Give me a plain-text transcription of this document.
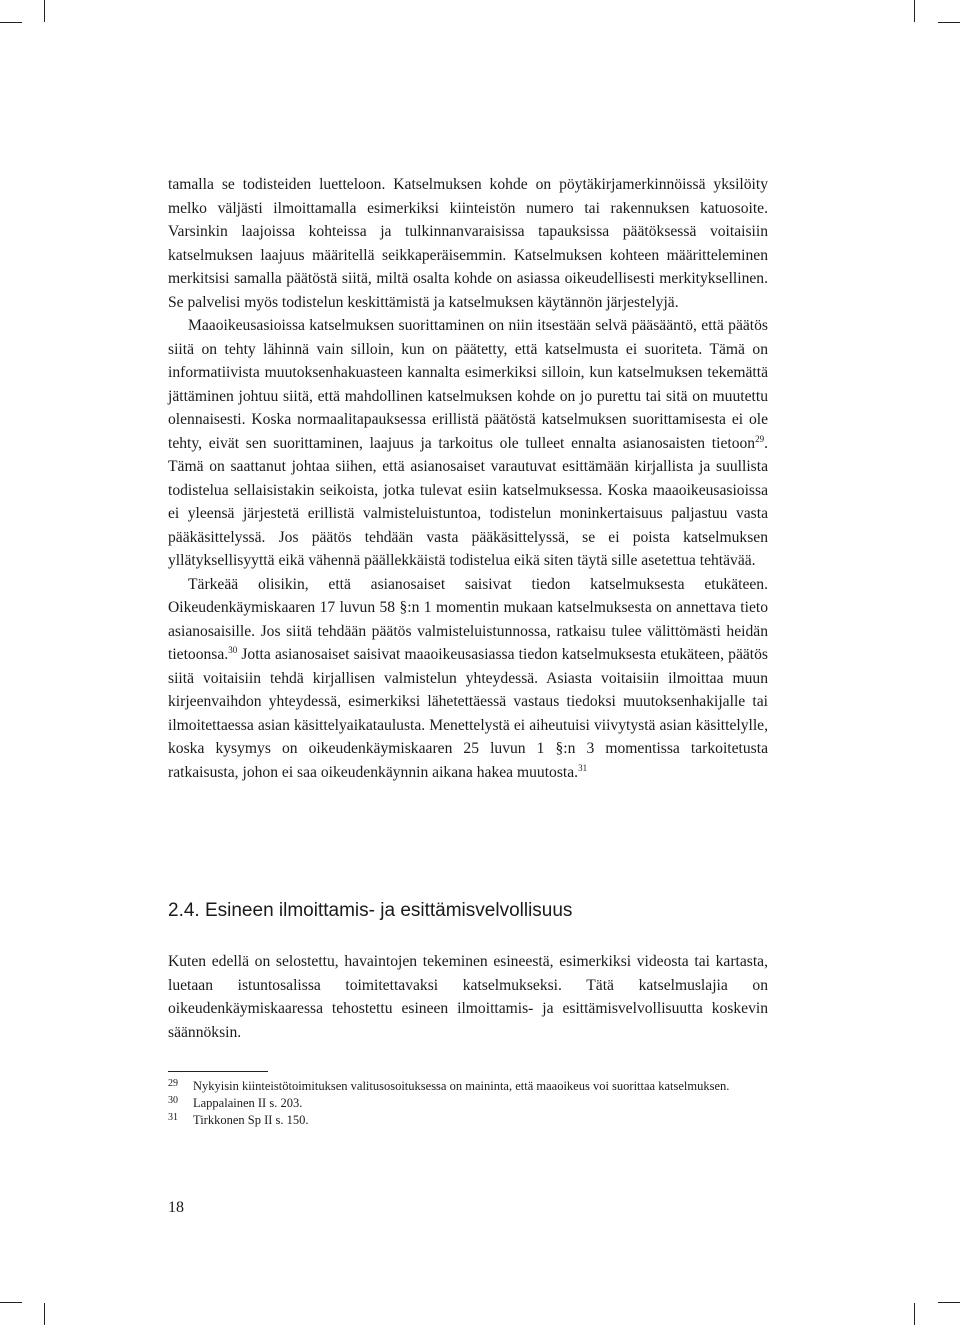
tamalla se todisteiden luetteloon. Katselmuksen kohde on pöytäkirjamerkinnöissä yksilöity melko väljästi ilmoittamalla esimerkiksi kiinteistön numero tai rakennuksen katuosoite. Varsinkin laajoissa kohteissa ja tulkinnanvaraisissa tapauksissa päätöksessä voitaisiin katselmuksen laajuus määritellä seikkaperäisemmin. Katselmuksen kohteen määritteleminen merkitsisi samalla päätöstä siitä, miltä osalta kohde on asiassa oikeudellisesti merkityksellinen. Se palvelisi myös todistelun keskittämistä ja katselmuksen käytännön järjestelyjä.

Maaoikeusasioissa katselmuksen suorittaminen on niin itsestään selvä pääsääntö, että päätös siitä on tehty lähinnä vain silloin, kun on päätetty, että katselmusta ei suoriteta. Tämä on informatiivista muutoksenhakuasteen kannalta esimerkiksi silloin, kun katselmuksen tekemättä jättäminen johtuu siitä, että mahdollinen katselmuksen kohde on jo purettu tai sitä on muutettu olennaisesti. Koska normaalitapauksessa erillistä päätöstä katselmuksen suorittamisesta ei ole tehty, eivät sen suorittaminen, laajuus ja tarkoitus ole tulleet ennalta asianosaisten tietoon$^{29}$. Tämä on saattanut johtaa siihen, että asianosaiset varautuvat esittämään kirjallista ja suullista todistelua sellaisistakin seikoista, jotka tulevat esiin katselmuksessa. Koska maaoikeusasioissa ei yleensä järjestetä erillistä valmisteluistuntoa, todistelun moninkertaisuus paljastuu vasta pääkäsittelyssä. Jos päätös tehdään vasta pääkäsittelyssä, se ei poista katselmuksen yllätyksellisyyttä eikä vähennä päällekkäistä todistelua eikä siten täytä sille asetettua tehtävää.

Tärkeää olisikin, että asianosaiset saisivat tiedon katselmuksesta etukäteen. Oikeudenkäymiskaaren 17 luvun 58 §:n 1 momentin mukaan katselmuksesta on annettava tieto asianosaisille. Jos siitä tehdään päätös valmisteluistunnossa, ratkaisu tulee välittömästi heidän tietoonsa.$^{30}$ Jotta asianosaiset saisivat maaoikeusasiassa tiedon katselmuksesta etukäteen, päätös siitä voitaisiin tehdä kirjallisen valmistelun yhteydessä. Asiasta voitaisiin ilmoittaa muun kirjeenvaihdon yhteydessä, esimerkiksi lähetettäessä vastaus tiedoksi muutoksenhakijalle tai ilmoitettaessa asian käsittelyaikataulusta. Menettelystä ei aiheutuisi viivytystä asian käsittelylle, koska kysymys on oikeudenkäymiskaaren 25 luvun 1 §:n 3 momentissa tarkoitetusta ratkaisusta, johon ei saa oikeudenkäynnin aikana hakea muutosta.$^{31}$

2.4. Esineen ilmoittamis- ja esittämisvelvollisuus

Kuten edellä on selostettu, havaintojen tekeminen esineestä, esimerkiksi videosta tai kartasta, luetaan istuntosalissa toimitettavaksi katselmukseksi. Tätä katselmuslajia on oikeudenkäymiskaaressa tehostettu esineen ilmoittamis- ja esittämisvelvollisuutta koskevin säännöksin.

29 Nykyisin kiinteistötoimituksen valitusosoituksessa on maininta, että maaoikeus voi suorittaa katselmuksen.
30 Lappalainen II s. 203.
31 Tirkkonen Sp II s. 150.
18
